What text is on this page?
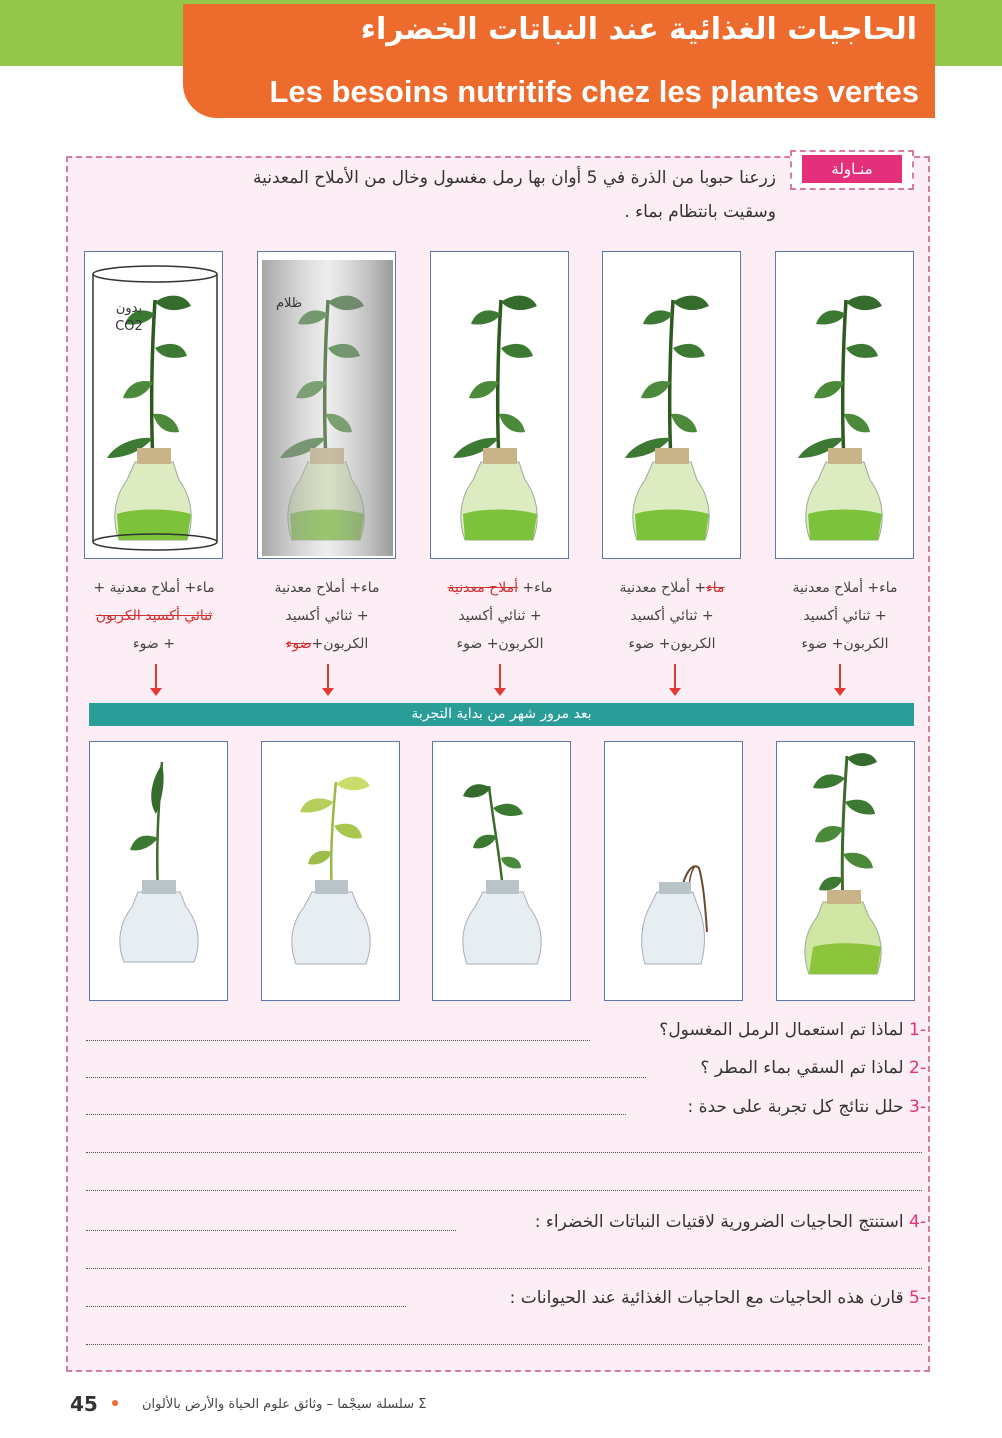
الحاجيات الغذائية عند النباتات الخضراء
Les besoins nutritifs chez les plantes vertes
منـاولة
زرعنا حبوبا من الذرة في 5 أوان بها رمل مغسول وخال من الأملاح المعدنية
وسقيت بانتظام بماء .
بدون
CO2
ظلام
ماء+ أملاح معدنية +
ثنائي أكسيد الكربون
+ ضوء
ماء+ أملاح معدنية
+ ثنائي أكسيد
الكربون+ضوء
ماء+ أملاح معدنية
+ ثنائي أكسيد
الكربون+ ضوء
ماء+ أملاح معدنية
+ ثنائي أكسيد
الكربون+ ضوء
ماء+ أملاح معدنية
+ ثنائي أكسيد
الكربون+ ضوء
بعد مرور شهر من بداية التجربة
-1 لماذا تم استعمال الرمل المغسول؟
-2 لماذا تم السقي بماء المطر ؟
-3 حلل نتائج كل تجربة على حدة :
-4 استنتج الحاجيات الضرورية لاقتيات النباتات الخضراء :
-5 قارن هذه الحاجيات مع الحاجيات الغذائية عند الحيوانات :
45	Σ سلسلة سيجْما – وثائق علوم الحياة والأرض بالألوان
